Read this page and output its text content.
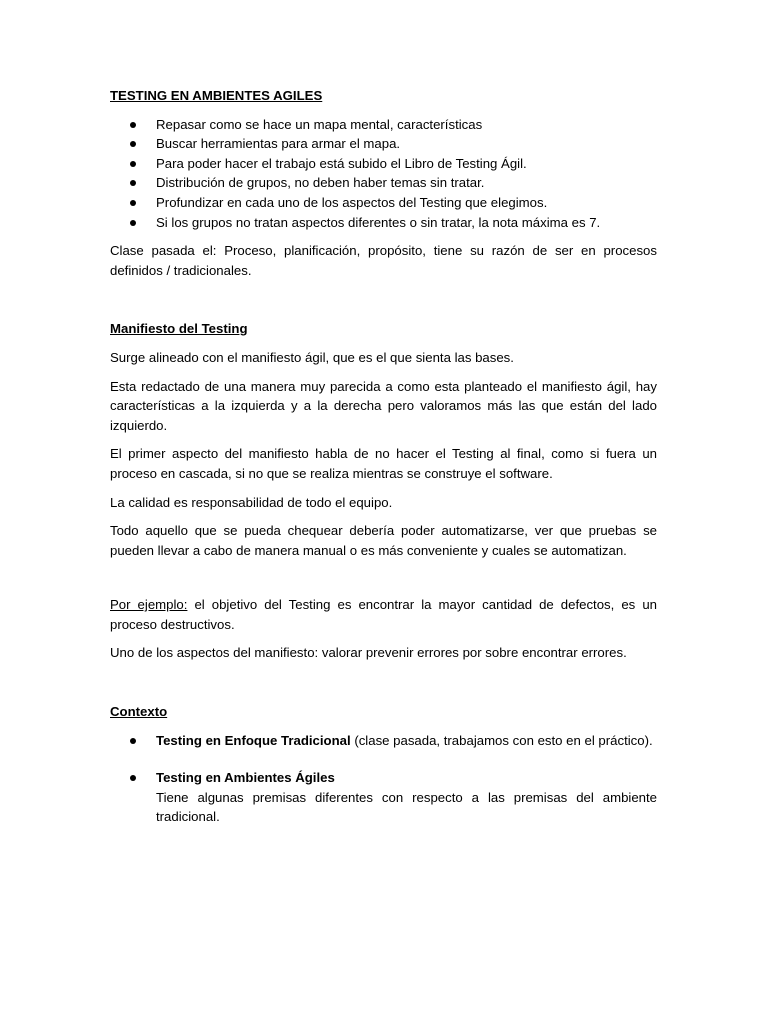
TESTING EN AMBIENTES AGILES

Repasar como se hace un mapa mental, características
Buscar herramientas para armar el mapa.
Para poder hacer el trabajo está subido el Libro de Testing Ágil.
Distribución de grupos, no deben haber temas sin tratar.
Profundizar en cada uno de los aspectos del Testing que elegimos.
Si los grupos no tratan aspectos diferentes o sin tratar, la nota máxima es 7.

Clase pasada el: Proceso, planificación, propósito, tiene su razón de ser en procesos definidos / tradicionales.

Manifiesto del Testing

Surge alineado con el manifiesto ágil, que es el que sienta las bases.

Esta redactado de una manera muy parecida a como esta planteado el manifiesto ágil, hay características a la izquierda y a la derecha pero valoramos más las que están del lado izquierdo.

El primer aspecto del manifiesto habla de no hacer el Testing al final, como si fuera un proceso en cascada, si no que se realiza mientras se construye el software.

La calidad es responsabilidad de todo el equipo.

Todo aquello que se pueda chequear debería poder automatizarse, ver que pruebas se pueden llevar a cabo de manera manual o es más conveniente y cuales se automatizan.

Por ejemplo: el objetivo del Testing es encontrar la mayor cantidad de defectos, es un proceso destructivos.

Uno de los aspectos del manifiesto: valorar prevenir errores por sobre encontrar errores.

Contexto

Testing en Enfoque Tradicional (clase pasada, trabajamos con esto en el práctico).
Testing en Ambientes Ágiles
Tiene algunas premisas diferentes con respecto a las premisas del ambiente tradicional.
